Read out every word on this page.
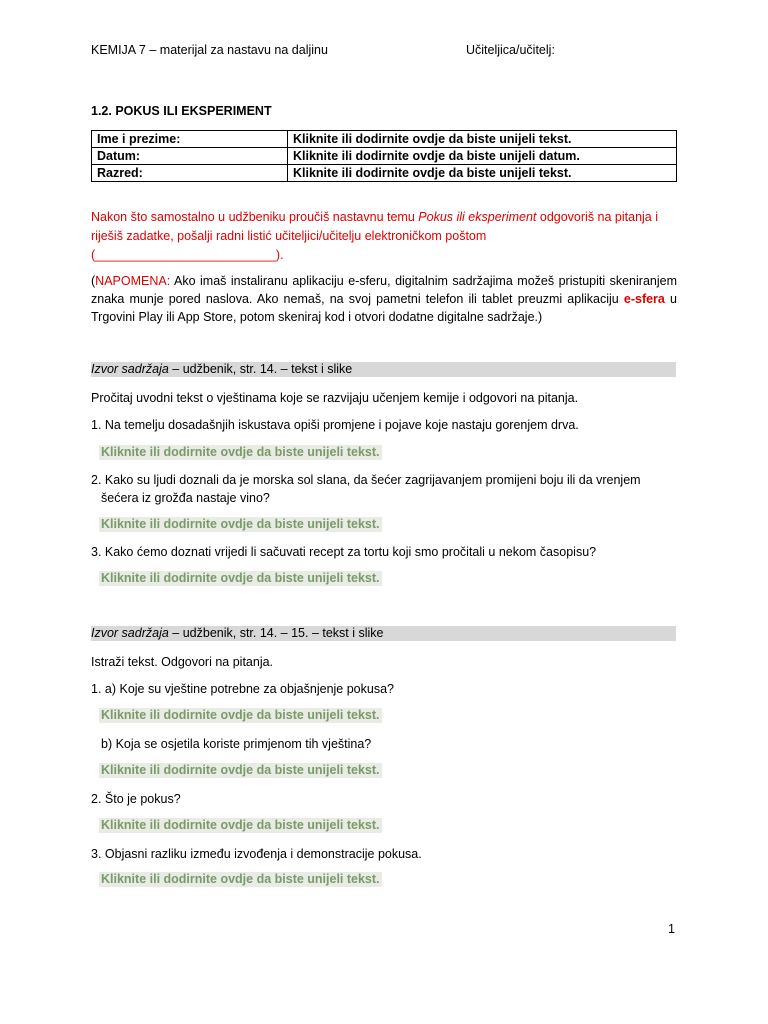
KEMIJA 7 – materijal za nastavu na daljinu	Učiteljica/učitelj:
1.2. POKUS ILI EKSPERIMENT
Ime i prezime:	Kliknite ili dodirnite ovdje da biste unijeli tekst.
Datum:	Kliknite ili dodirnite ovdje da biste unijeli datum.
Razred:	Kliknite ili dodirnite ovdje da biste unijeli tekst.
Nakon što samostalno u udžbeniku proučiš nastavnu temu Pokus ili eksperiment odgovoriš na pitanja i riješiš zadatke, pošalji radni listić učiteljici/učitelju elektroničkom poštom (__________________________).
(NAPOMENA: Ako imaš instaliranu aplikaciju e-sferu, digitalnim sadržajima možeš pristupiti skeniranjem znaka munje pored naslova. Ako nemaš, na svoj pametni telefon ili tablet preuzmi aplikaciju e-sfera u Trgovini Play ili App Store, potom skeniraj kod i otvori dodatne digitalne sadržaje.)
Izvor sadržaja – udžbenik, str. 14. – tekst i slike
Pročitaj uvodni tekst o vještinama koje se razvijaju učenjem kemije i odgovori na pitanja.
1. Na temelju dosadašnjih iskustava opiši promjene i pojave koje nastaju gorenjem drva.
Kliknite ili dodirnite ovdje da biste unijeli tekst.
2. Kako su ljudi doznali da je morska sol slana, da šećer zagrijavanjem promijeni boju ili da vrenjem
šećera iz grožđa nastaje vino?
Kliknite ili dodirnite ovdje da biste unijeli tekst.
3. Kako ćemo doznati vrijedi li sačuvati recept za tortu koji smo pročitali u nekom časopisu?
Kliknite ili dodirnite ovdje da biste unijeli tekst.
Izvor sadržaja – udžbenik, str. 14. – 15. – tekst i slike
Istraži tekst. Odgovori na pitanja.
1. a) Koje su vještine potrebne za objašnjenje pokusa?
Kliknite ili dodirnite ovdje da biste unijeli tekst.
b) Koja se osjetila koriste primjenom tih vještina?
Kliknite ili dodirnite ovdje da biste unijeli tekst.
2. Što je pokus?
Kliknite ili dodirnite ovdje da biste unijeli tekst.
3. Objasni razliku između izvođenja i demonstracije pokusa.
Kliknite ili dodirnite ovdje da biste unijeli tekst.
1
